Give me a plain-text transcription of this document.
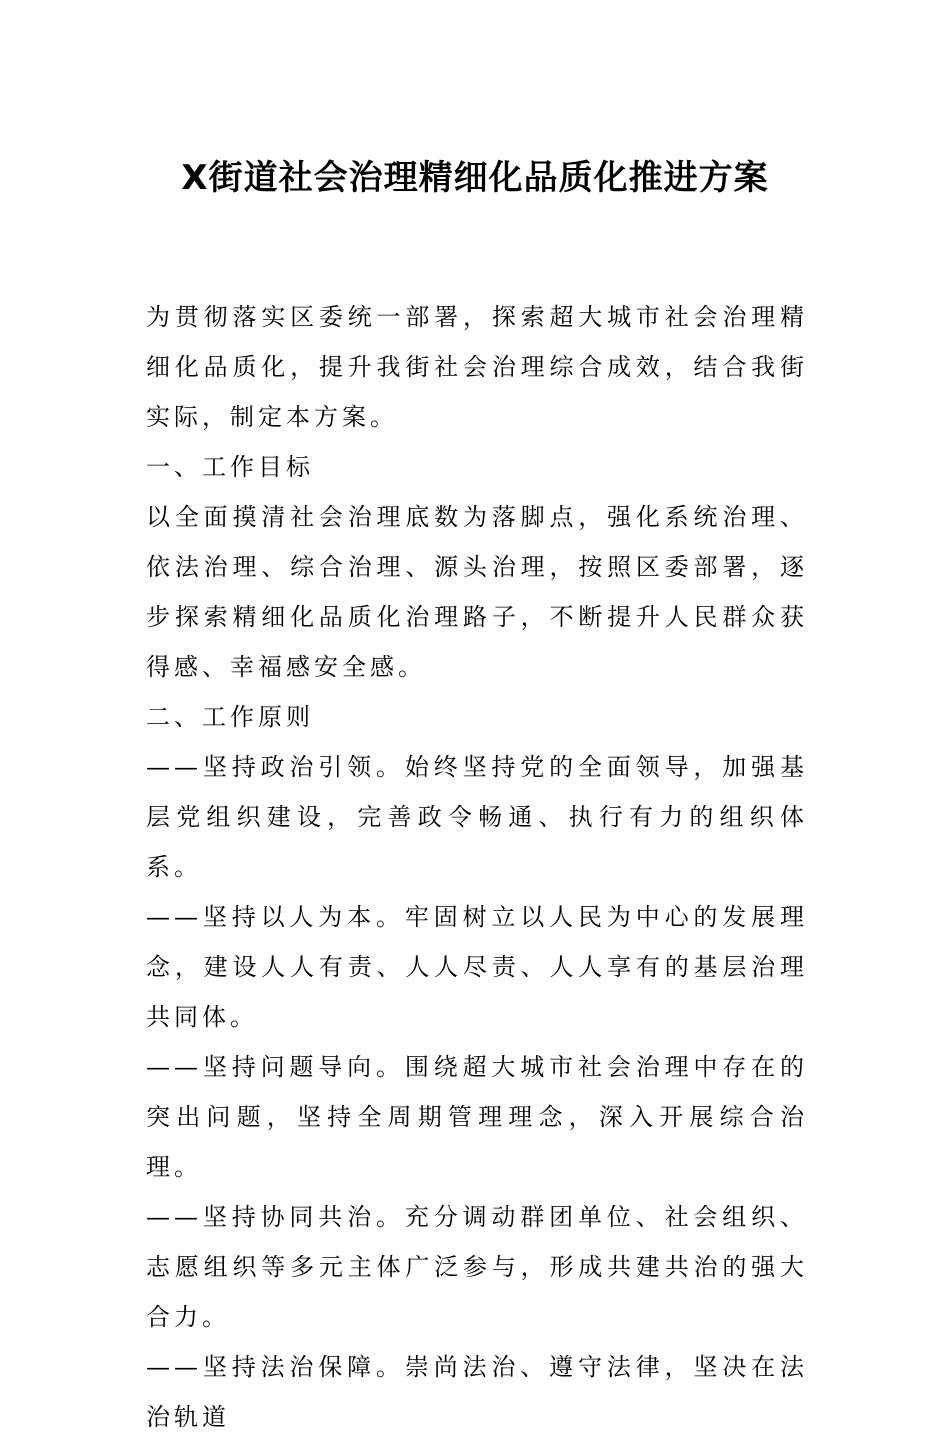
X街道社会治理精细化品质化推进方案

为贯彻落实区委统一部署，探索超大城市社会治理精细化品质化，提升我街社会治理综合成效，结合我街实际，制定本方案。

一、工作目标

以全面摸清社会治理底数为落脚点，强化系统治理、依法治理、综合治理、源头治理，按照区委部署，逐步探索精细化品质化治理路子，不断提升人民群众获得感、幸福感安全感。

二、工作原则

——坚持政治引领。始终坚持党的全面领导，加强基层党组织建设，完善政令畅通、执行有力的组织体系。

——坚持以人为本。牢固树立以人民为中心的发展理念，建设人人有责、人人尽责、人人享有的基层治理共同体。

——坚持问题导向。围绕超大城市社会治理中存在的突出问题，坚持全周期管理理念，深入开展综合治理。

——坚持协同共治。充分调动群团单位、社会组织、志愿组织等多元主体广泛参与，形成共建共治的强大合力。

——坚持法治保障。崇尚法治、遵守法律，坚决在法治轨道
